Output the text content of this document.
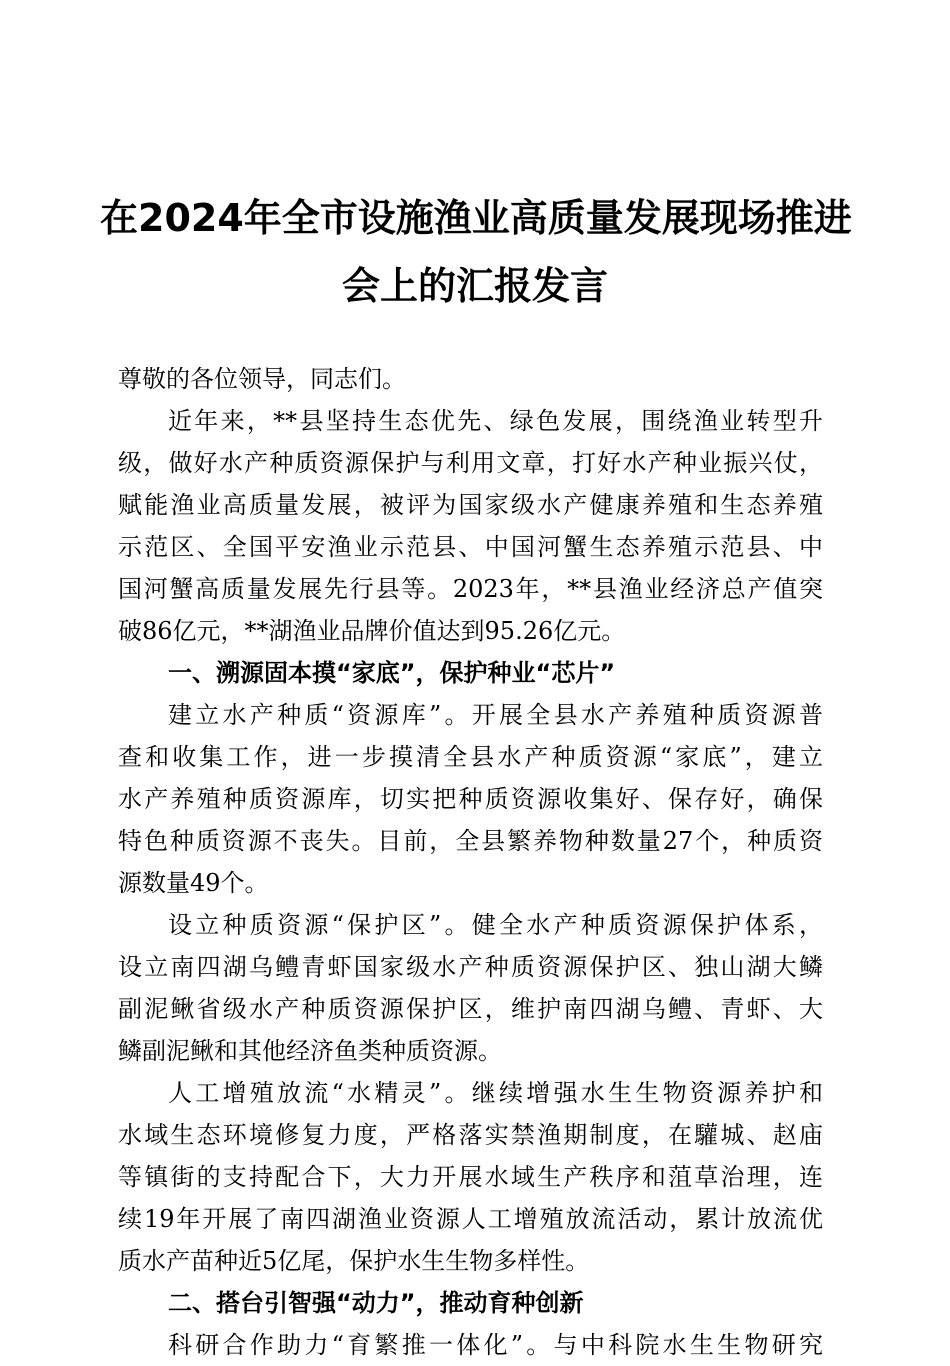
在2024年全市设施渔业高质量发展现场推进
会上的汇报发言
尊敬的各位领导，同志们。
近年来，**县坚持生态优先、绿色发展，围绕渔业转型升
级，做好水产种质资源保护与利用文章，打好水产种业振兴仗，
赋能渔业高质量发展，被评为国家级水产健康养殖和生态养殖
示范区、全国平安渔业示范县、中国河蟹生态养殖示范县、中
国河蟹高质量发展先行县等。2023年，**县渔业经济总产值突
破86亿元，**湖渔业品牌价值达到95.26亿元。
一、溯源固本摸“家底”，保护种业“芯片”
建立水产种质“资源库”。开展全县水产养殖种质资源普
查和收集工作，进一步摸清全县水产种质资源“家底”，建立
水产养殖种质资源库，切实把种质资源收集好、保存好，确保
特色种质资源不丧失。目前，全县繁养物种数量27个，种质资
源数量49个。
设立种质资源“保护区”。健全水产种质资源保护体系，
设立南四湖乌鳢青虾国家级水产种质资源保护区、独山湖大鳞
副泥鳅省级水产种质资源保护区，维护南四湖乌鳢、青虾、大
鳞副泥鳅和其他经济鱼类种质资源。
人工增殖放流“水精灵”。继续增强水生生物资源养护和
水域生态环境修复力度，严格落实禁渔期制度，在驩城、赵庙
等镇街的支持配合下，大力开展水域生产秩序和菹草治理，连
续19年开展了南四湖渔业资源人工增殖放流活动，累计放流优
质水产苗种近5亿尾，保护水生生物多样性。
二、搭台引智强“动力”，推动育种创新
科研合作助力“育繁推一体化”。与中科院水生生物研究
